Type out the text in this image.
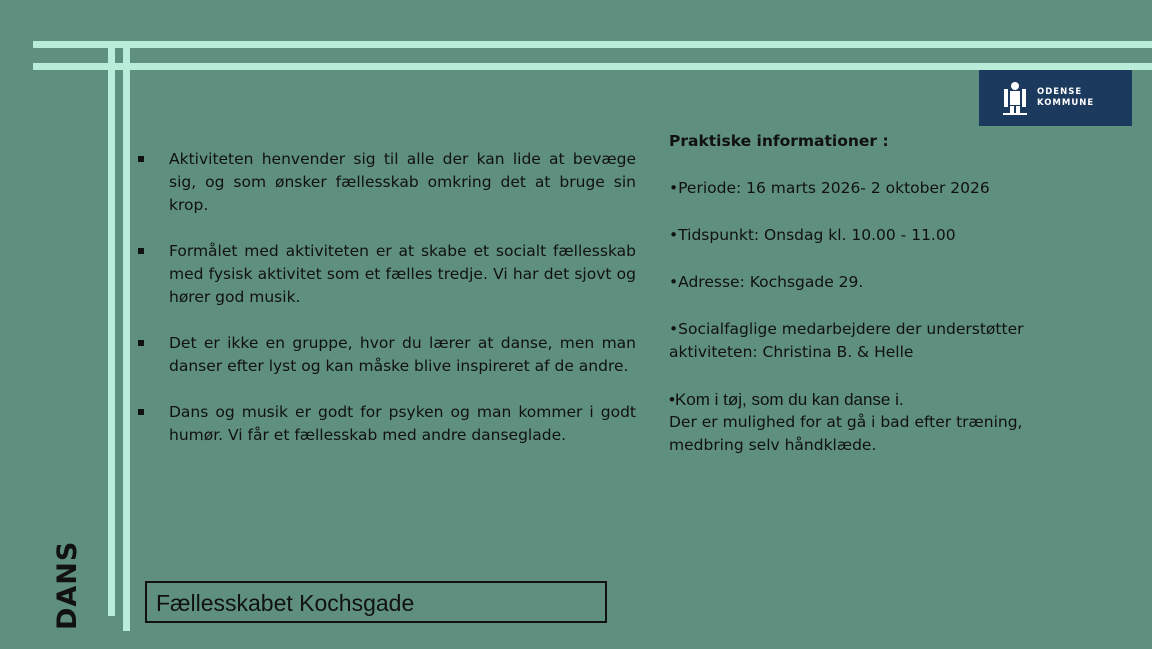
ODENSE
KOMMUNE
Aktiviteten henvender sig til alle der kan lide at bevæge sig, og som ønsker fællesskab omkring det at bruge sin krop.
Formålet med aktiviteten er at skabe et socialt fællesskab med fysisk aktivitet som et fælles tredje. Vi har det sjovt og hører god musik.
Det er ikke en gruppe, hvor du lærer at danse, men man danser efter lyst og kan måske blive inspireret af de andre.
Dans og musik er godt for psyken og man kommer i godt humør. Vi får et fællesskab med andre danseglade.
Praktiske informationer :
•Periode: 16 marts 2026- 2 oktober 2026
•Tidspunkt: Onsdag kl. 10.00 - 11.00
•Adresse: Kochsgade 29.
•Socialfaglige medarbejdere der understøtter aktiviteten: Christina B. & Helle
•Kom i tøj, som du kan danse i.
Der er mulighed for at gå i bad efter træning, medbring selv håndklæde.
DANS	Fællesskabet Kochsgade
